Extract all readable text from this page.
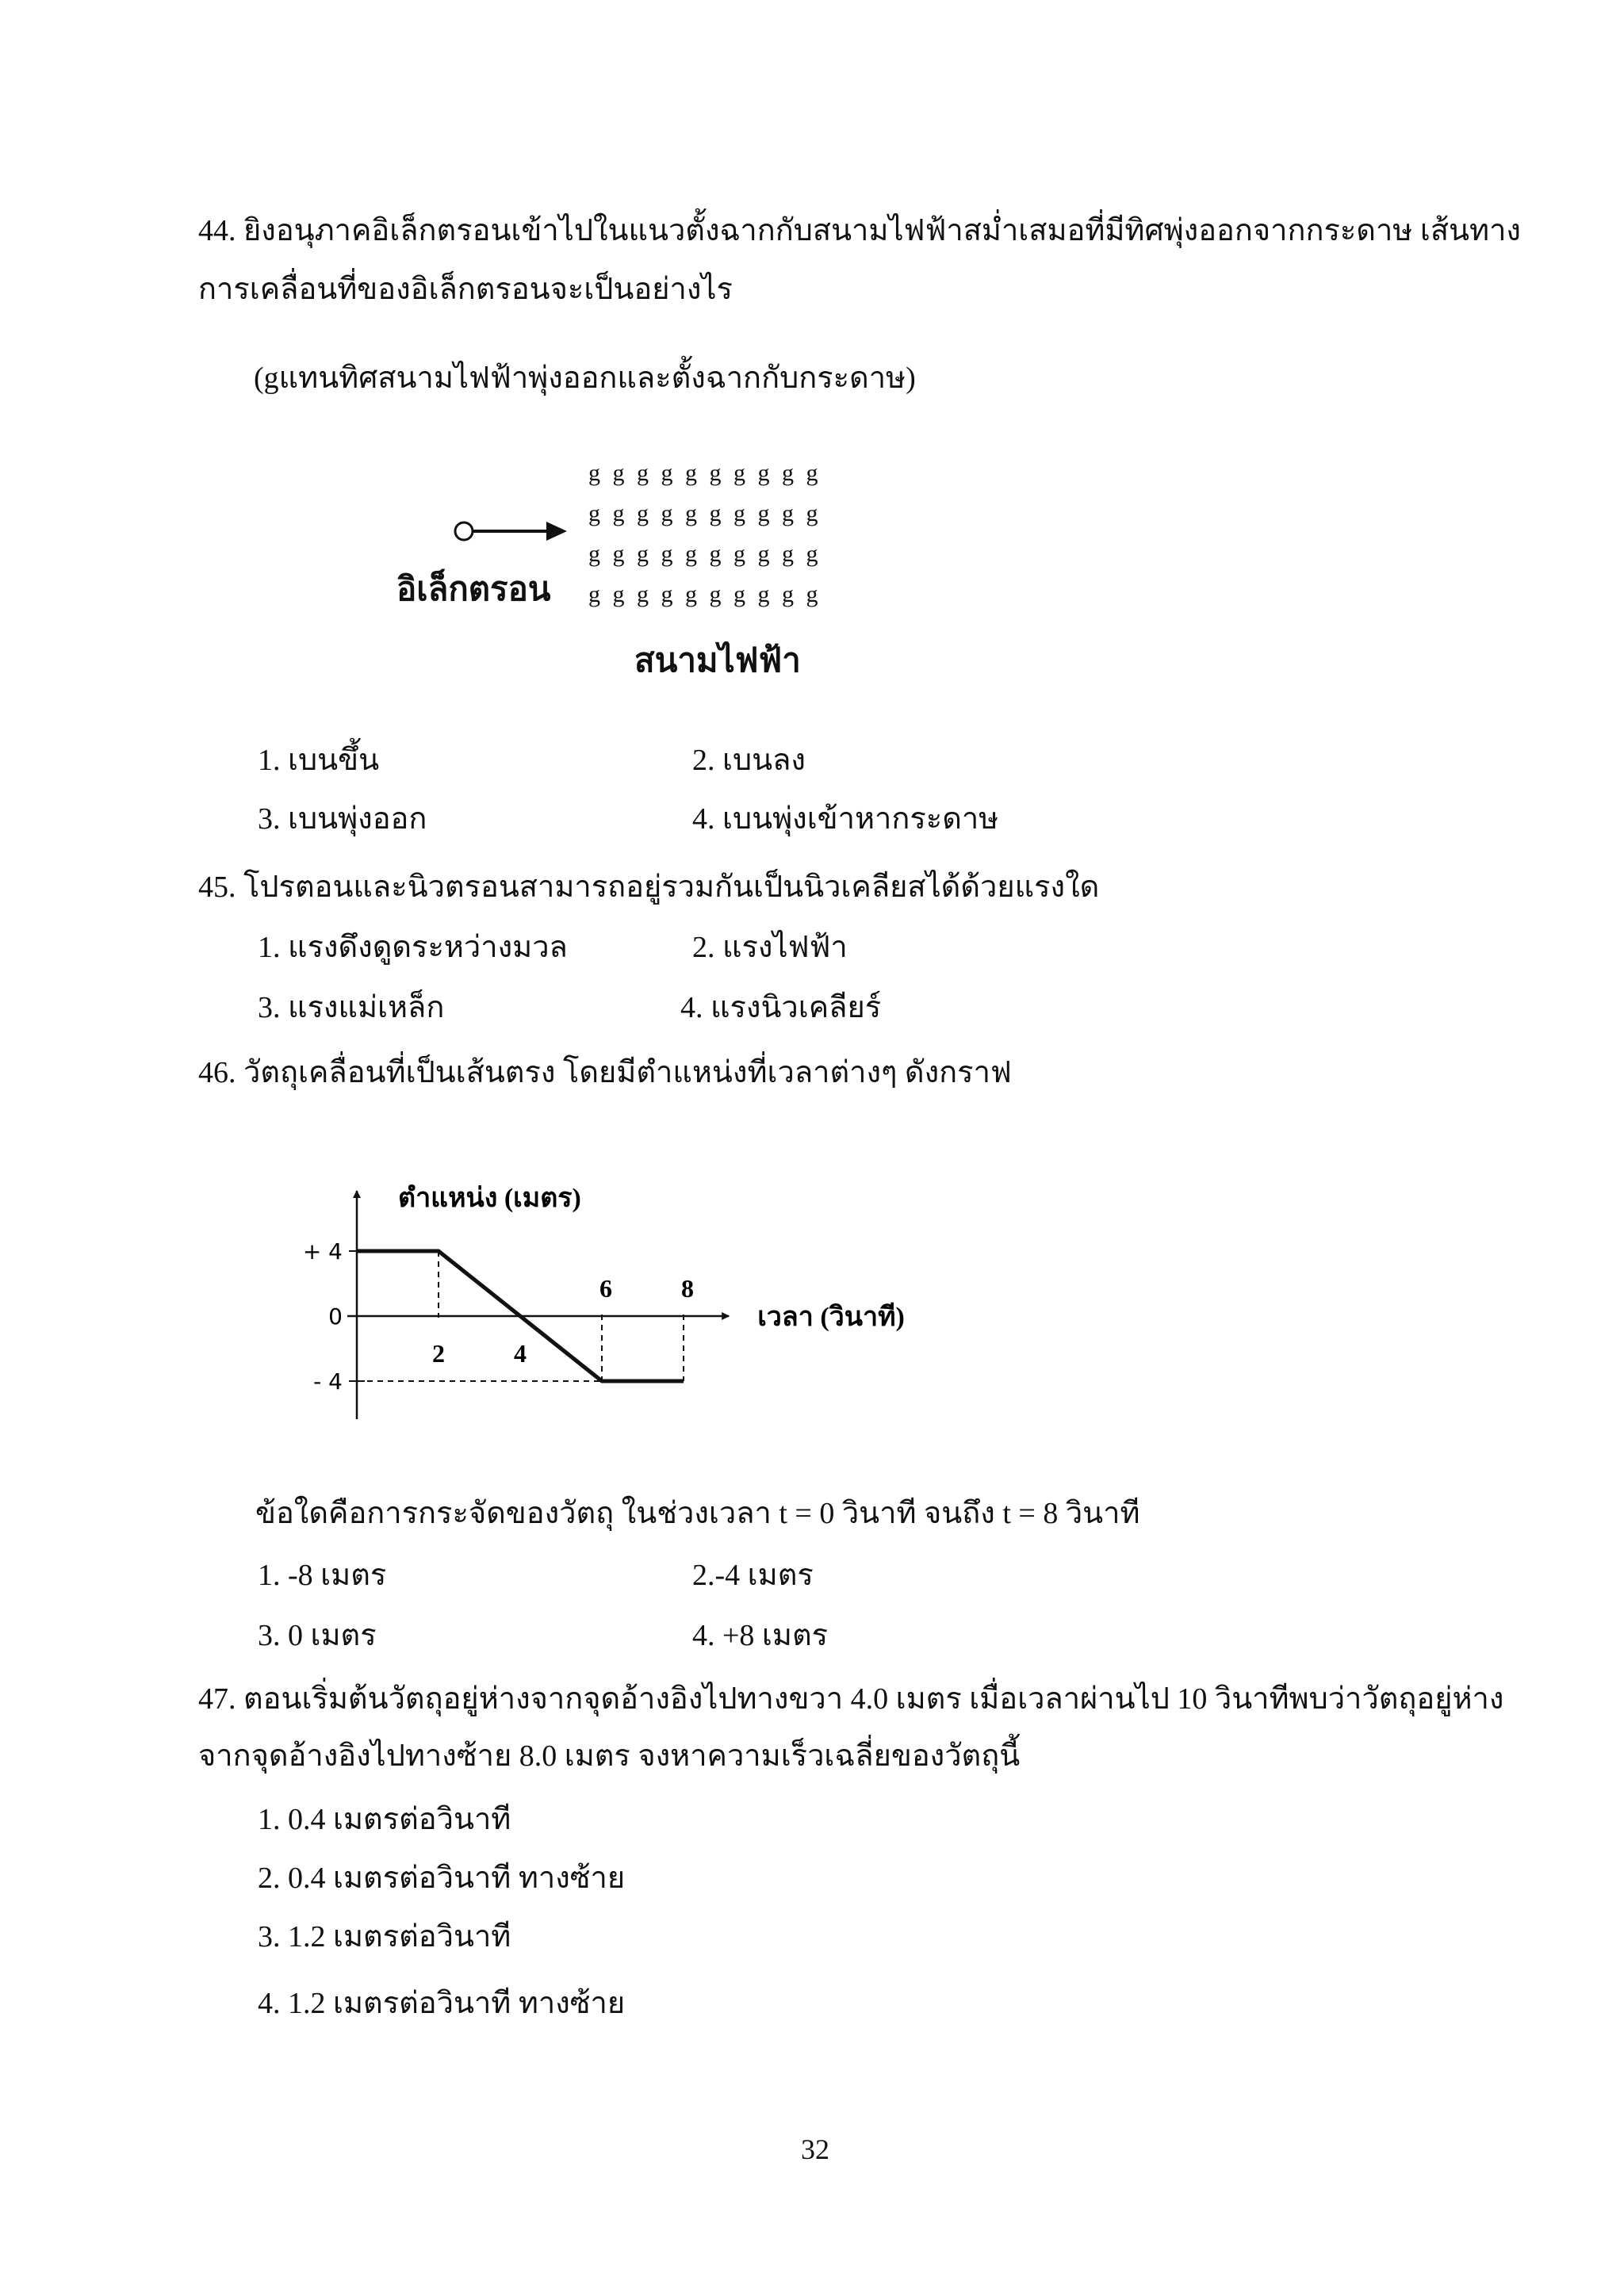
44. ยิงอนุภาคอิเล็กตรอนเข้าไปในแนวตั้งฉากกับสนามไฟฟ้าสม่ำเสมอที่มีทิศพุ่งออกจากกระดาษ เส้นทาง
การเคลื่อนที่ของอิเล็กตรอนจะเป็นอย่างไร
(gแทนทิศสนามไฟฟ้าพุ่งออกและตั้งฉากกับกระดาษ)
g g g g g g g g g g
g g g g g g g g g g
g g g g g g g g g g
g g g g g g g g g g
อิเล็กตรอน
สนามไฟฟ้า
1. เบนขึ้น	2. เบนลง
3. เบนพุ่งออก	4. เบนพุ่งเข้าหากระดาษ
45. โปรตอนและนิวตรอนสามารถอยู่รวมกันเป็นนิวเคลียสได้ด้วยแรงใด
1. แรงดึงดูดระหว่างมวล	2. แรงไฟฟ้า
3. แรงแม่เหล็ก	4. แรงนิวเคลียร์
46. วัตถุเคลื่อนที่เป็นเส้นตรง โดยมีตำแหน่งที่เวลาต่างๆ ดังกราฟ
+ 4
0
- 4
2	4
6	8
ตำแหน่ง (เมตร)
เวลา (วินาที)
ข้อใดคือการกระจัดของวัตถุ ในช่วงเวลา t = 0 วินาที จนถึง t = 8 วินาที
1. -8 เมตร	2.-4 เมตร
3. 0 เมตร	4. +8 เมตร
47. ตอนเริ่มต้นวัตถุอยู่ห่างจากจุดอ้างอิงไปทางขวา 4.0 เมตร เมื่อเวลาผ่านไป 10 วินาทีพบว่าวัตถุอยู่ห่าง
จากจุดอ้างอิงไปทางซ้าย 8.0 เมตร จงหาความเร็วเฉลี่ยของวัตถุนี้
1. 0.4 เมตรต่อวินาที
2. 0.4 เมตรต่อวินาที ทางซ้าย
3. 1.2 เมตรต่อวินาที
4. 1.2 เมตรต่อวินาที ทางซ้าย
32
